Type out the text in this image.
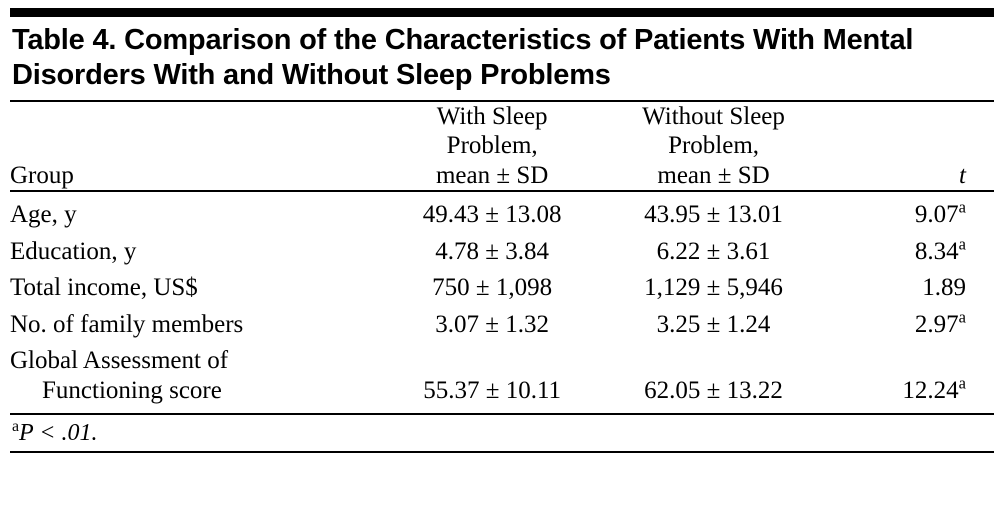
Table 4. Comparison of the Characteristics of Patients With Mental Disorders With and Without Sleep Problems
	With Sleep	Without Sleep	
	Problem,	Problem,	
Group	mean ± SD	mean ± SD	t
Age, y	49.43 ± 13.08	43.95 ± 13.01	9.07$^a$
Education, y	4.78 ± 3.84	6.22 ± 3.61	8.34$^a$
Total income, US$	750 ± 1,098	1,129 ± 5,946	1.89
No. of family members	3.07 ± 1.32	3.25 ± 1.24	2.97$^a$
Global Assessment of
Functioning score	55.37 ± 10.11	62.05 ± 13.22	12.24$^a$
$^a$P < .01.
